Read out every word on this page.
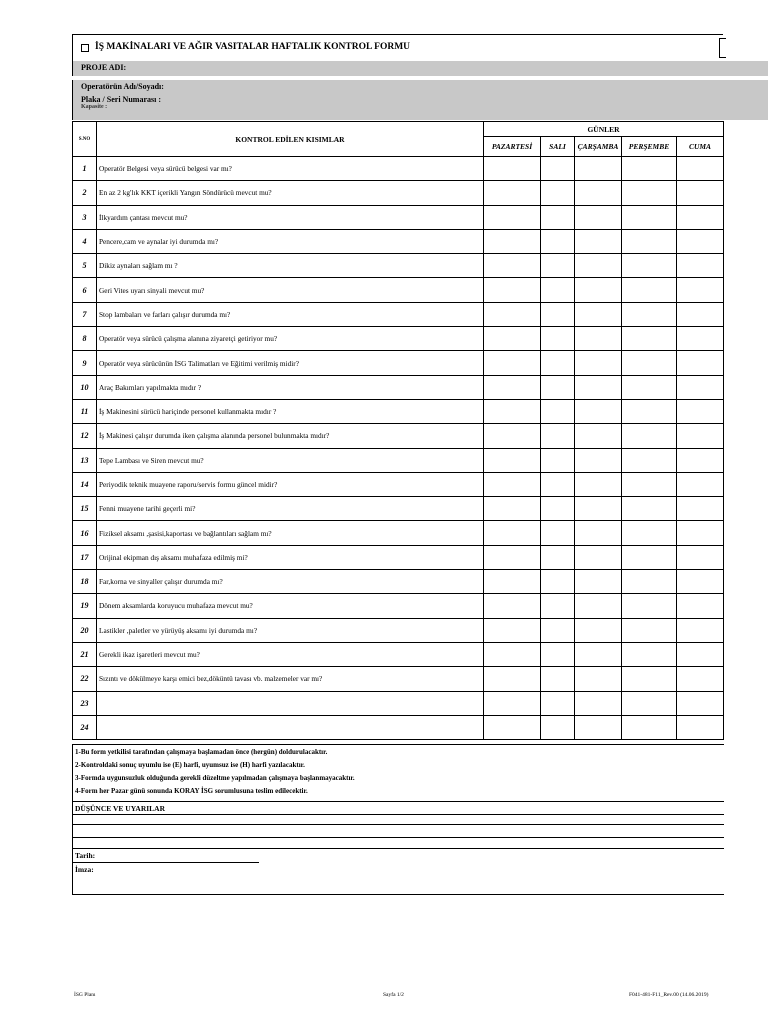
İŞ MAKİNALARI VE AĞIR VASITALAR HAFTALIK KONTROL FORMU
PROJE ADI:
Operatörün Adı/Soyadı:
Plaka / Seri Numarası :
Kapasite :
S.NO	KONTROL EDİLEN KISIMLAR	GÜNLER				
		PAZARTESİ	SALI	ÇARŞAMBA	PERŞEMBE	CUMA
1	Operatör Belgesi veya sürücü belgesi var mı?					
2	En az 2 kg'lık KKT içerikli Yangın Söndürücü mevcut mu?					
3	İlkyardım çantası mevcut mu?					
4	Pencere,cam ve aynalar iyi durumda mı?					
5	Dikiz aynaları sağlam mı ?					
6	Geri Vites uyarı sinyali mevcut mu?					
7	Stop lambaları ve farları çalışır durumda mı?					
8	Operatör veya sürücü çalışma alanına ziyaretçi getiriyor mu?					
9	Operatör veya sürücünün İSG Talimatları ve Eğitimi verilmiş midir?					
10	Araç Bakımları yapılmakta mıdır ?					
11	İş Makinesini sürücü hariçinde personel kullanmakta mıdır ?					
12	İş Makinesi çalışır durumda iken çalışma alanında personel bulunmakta mıdır?					
13	Tepe Lambası ve Siren mevcut mu?					
14	Periyodik teknik muayene raporu/servis formu güncel midir?					
15	Fenni muayene tarihi geçerli mi?					
16	Fiziksel aksamı ,şasisi,kaportası ve bağlantıları sağlam mı?					
17	Orijinal ekipman dış aksamı muhafaza edilmiş mi?					
18	Far,korna ve sinyaller çalışır durumda mı?					
19	Dönem aksamlarda koruyucu muhafaza mevcut mu?					
20	Lastikler ,paletler ve yürüyüş aksamı iyi durumda mı?					
21	Gerekli ikaz işaretleri mevcut mu?					
22	Sızıntı ve dökülmeye karşı emici bez,döküntü tavası vb. malzemeler var mı?					
23						
24						
1-Bu form yetkilisi tarafından çalışmaya başlamadan önce (hergün) doldurulacaktır.
2-Kontroldaki sonuç uyumlu ise (E) harfi, uyumsuz ise (H) harfi yazılacaktır.
3-Formda uygunsuzluk olduğunda gerekli düzeltme yapılmadan çalışmaya başlanmayacaktır.
4-Form her Pazar günü sonunda KORAY İSG sorumlusuna teslim edilecektir.
DÜŞÜNCE VE UYARILAR
Tarih:
İmza:
İSG Planı	Sayfa 1/2	F041-481-F11_Rev.00 (14.06.2019)
